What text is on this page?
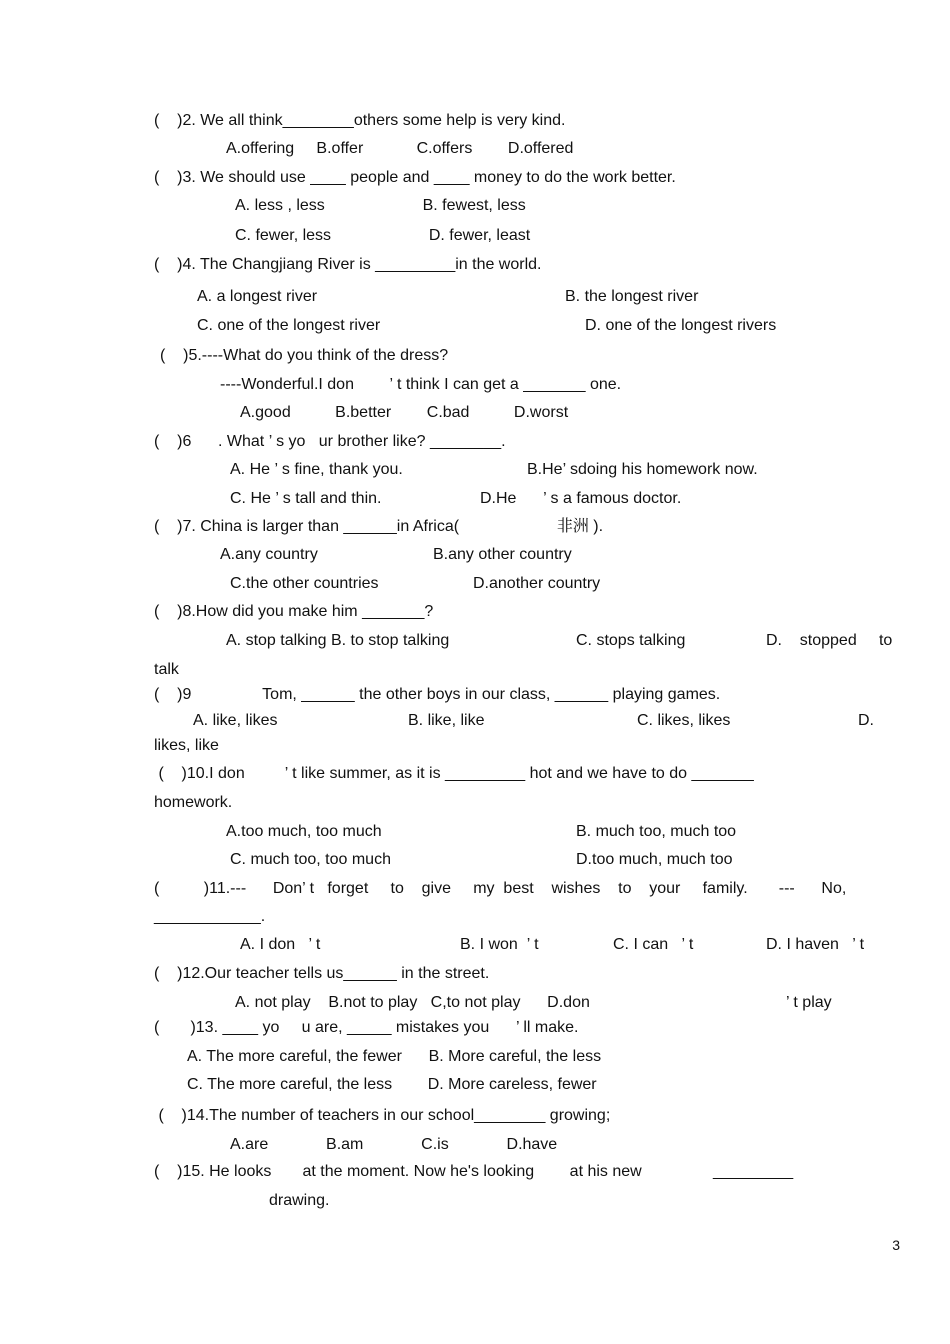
(    )2. We all think________others some help is very kind.
A.offering     B.offer            C.offers        D.offered
(    )3. We should use ____ people and ____ money to do the work better.
A. less , less                      B. fewest, less
C. fewer, less                      D. fewer, least
(    )4. The Changjiang River is _________in the world.
A. a longest river	B. the longest river
C. one of the longest river	D. one of the longest rivers
(    )5.----What do you think of the dress?
----Wonderful.I don        ’ t think I can get a _______ one.
A.good          B.better        C.bad          D.worst
(    )6      . What ’ s yo   ur brother like? ________.
A. He ’ s fine, thank you.	B.He’ sdoing his homework now.
C. He ’ s tall and thin.	D.He      ’ s a famous doctor.
(    )7. China is larger than ______in Africa(                      非洲 ).
A.any country	B.any other country
C.the other countries	D.another country
(    )8.How did you make him _______?
A. stop talking B. to stop talking	C. stops talking	D.    stopped     to
talk
(    )9                Tom, ______ the other boys in our class, ______ playing games.
A. like, likes	B. like, like	C. likes, likes	D.
likes, like
(    )10.I don         ’ t like summer, as it is _________ hot and we have to do _______
homework.
A.too much, too much	B. much too, much too
C. much too, too much	D.too much, much too
(          )11.---      Don’ t   forget     to    give     my  best    wishes    to    your     family.       ---      No,
____________.
A. I don   ’ t	B. I won  ’ t	C. I can   ’ t	D. I haven   ’ t
(    )12.Our teacher tells us______ in the street.
A. not play    B.not to play   C,to not play      D.don	’ t play
(       )13. ____ yo     u are, _____ mistakes you      ’ ll make.
A. The more careful, the fewer      B. More careful, the less
C. The more careful, the less        D. More careless, fewer
(    )14.The number of teachers in our school________ growing;
A.are             B.am             C.is             D.have
(    )15. He looks       at the moment. Now he's looking        at his new	_________
drawing.
3
